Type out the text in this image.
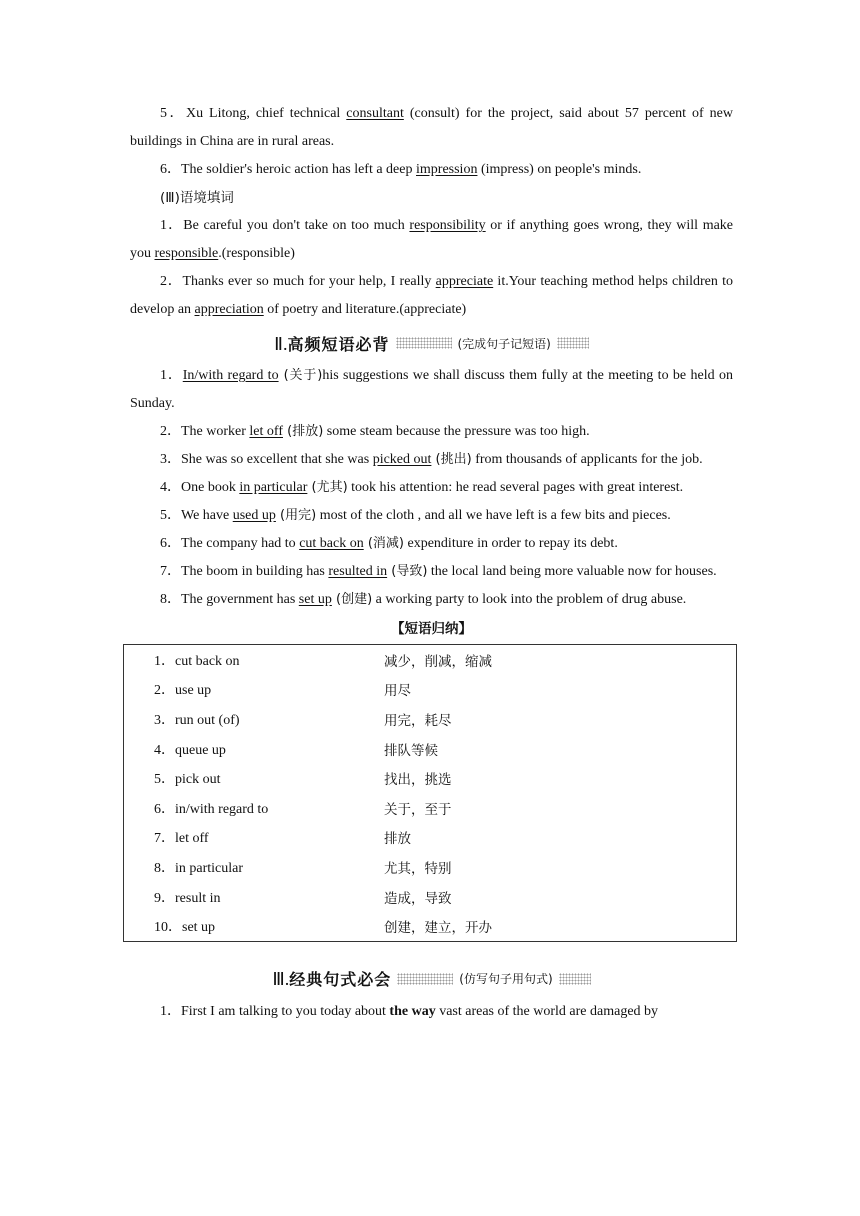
5．Xu Litong, chief technical consultant (consult) for the project, said about 57 percent of new buildings in China are in rural areas.

6．The soldier's heroic action has left a deep impression (impress) on people's minds.

(Ⅲ)语境填词

1．Be careful you don't take on too much responsibility or if anything goes wrong, they will make you responsible.(responsible)

2．Thanks ever so much for your help, I really appreciate it.Your teaching method helps children to develop an appreciation of poetry and literature.(appreciate)

Ⅱ.高频短语必背	(完成句子记短语)

1．In/with regard to (关于)his suggestions we shall discuss them fully at the meeting to be held on Sunday.

2．The worker let off (排放) some steam because the pressure was too high.

3．She was so excellent that she was picked out (挑出) from thousands of applicants for the job.

4．One book in particular (尤其) took his attention: he read several pages with great interest.

5．We have used up (用完) most of the cloth , and all we have left is a few bits and pieces.

6．The company had to cut back on (消减) expenditure in order to repay its debt.

7．The boom in building has resulted in (导致) the local land being more valuable now for houses.

8．The government has set up (创建) a working party to look into the problem of drug abuse.

【短语归纳】
1．cut back on	减少，削减，缩减
2．use up	用尽
3．run out (of)	用完，耗尽
4．queue up	排队等候
5．pick out	找出，挑选
6．in/with regard to	关于，至于
7．let off	排放
8．in particular	尤其，特别
9．result in	造成，导致
10．set up	创建，建立，开办
Ⅲ.经典句式必会	(仿写句子用句式)

1．First I am talking to you today about the way vast areas of the world are damaged by
